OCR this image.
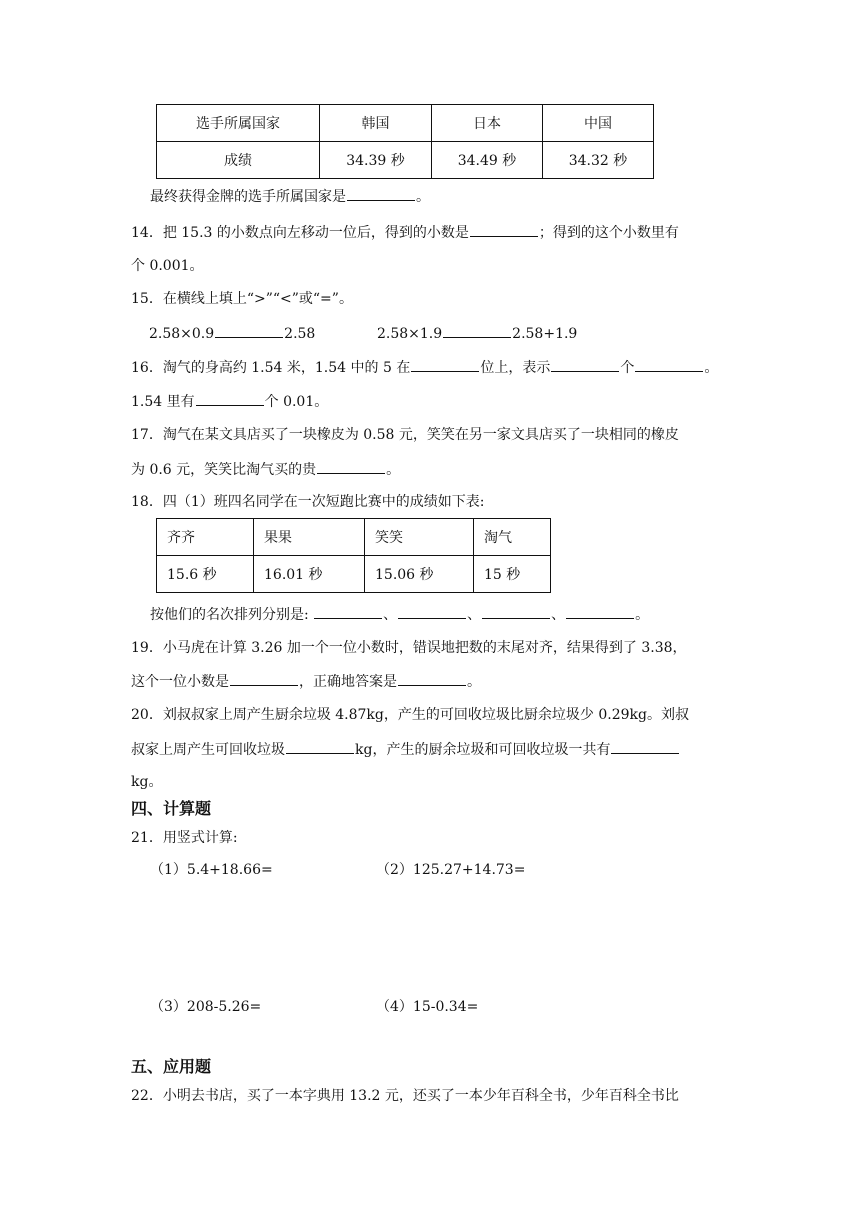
选手所属国家	韩国	日本	中国
成绩	34.39 秒	34.49 秒	34.32 秒
最终获得金牌的选手所属国家是	。
14．把 15.3 的小数点向左移动一位后，得到的小数是	；得到的这个小数里有
个 0.001。
15．在横线上填上“>”“<”或“=”。
2.58×0.9	2.58	2.58×1.9	2.58+1.9
16．淘气的身高约 1.54 米，1.54 中的 5 在	位上，表示	个	。
1.54 里有	个 0.01。
17．淘气在某文具店买了一块橡皮为 0.58 元，笑笑在另一家文具店买了一块相同的橡皮
为 0.6 元，笑笑比淘气买的贵	。
18．四（1）班四名同学在一次短跑比赛中的成绩如下表:
齐齐	果果	笑笑	淘气
15.6 秒	16.01 秒	15.06 秒	15 秒
按他们的名次排列分别是:	、	、	、	。
19．小马虎在计算 3.26 加一个一位小数时，错误地把数的末尾对齐，结果得到了 3.38，
这个一位小数是	，正确地答案是	。
20．刘叔叔家上周产生厨余垃圾 4.87kg，产生的可回收垃圾比厨余垃圾少 0.29kg。刘叔
叔家上周产生可回收垃圾	kg，产生的厨余垃圾和可回收垃圾一共有
kg。
四、计算题
21．用竖式计算:
（1）5.4+18.66=	（2）125.27+14.73=
（3）208-5.26=	（4）15-0.34=
五、应用题
22．小明去书店，买了一本字典用 13.2 元，还买了一本少年百科全书，少年百科全书比
